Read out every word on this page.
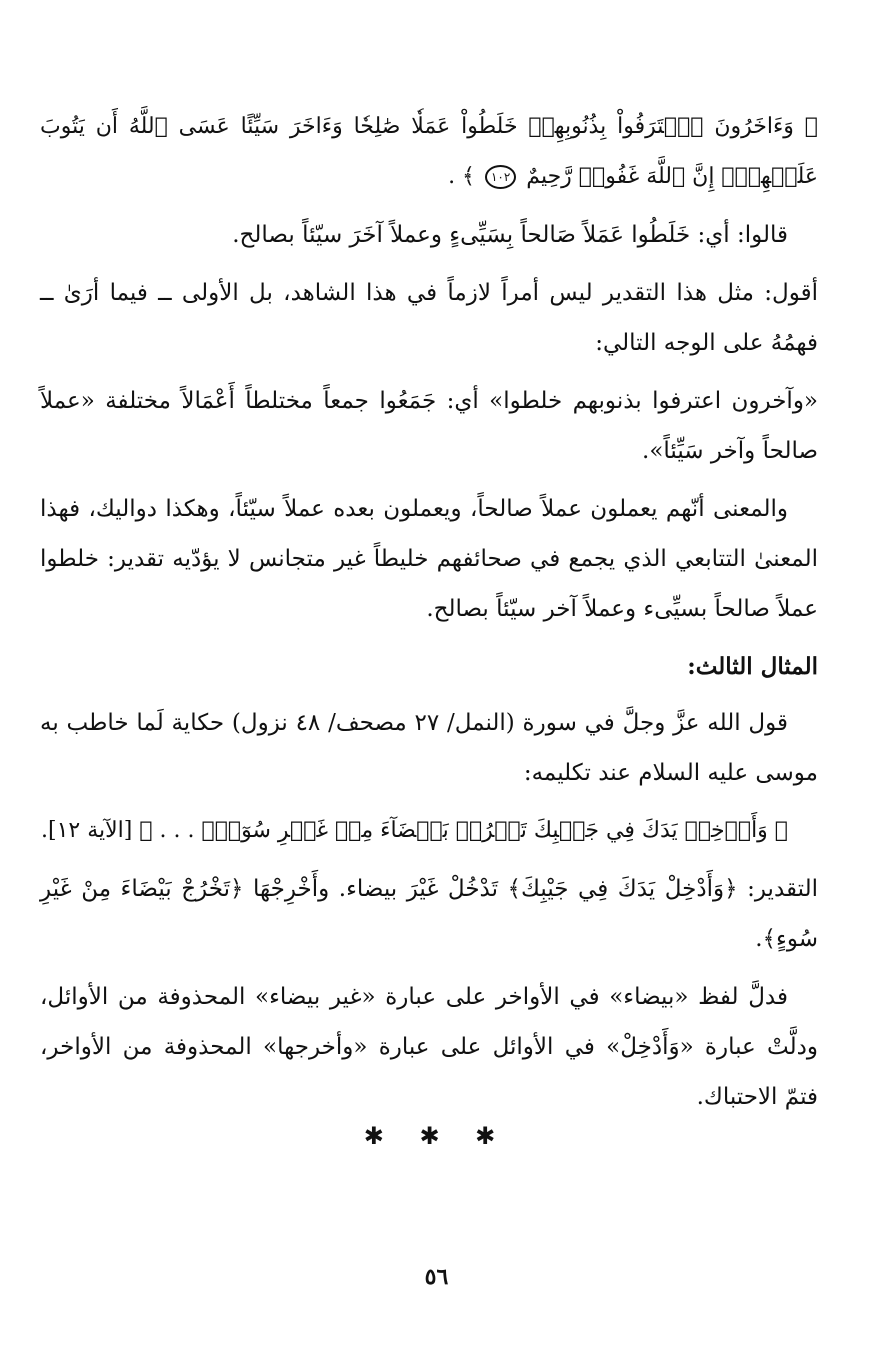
﴿ وَءَاخَرُونَ ٱعۡتَرَفُواْ بِذُنُوبِهِمۡ خَلَطُواْ عَمَلٗا صَٰلِحٗا وَءَاخَرَ سَيِّئًا عَسَى ٱللَّهُ أَن يَتُوبَ عَلَيۡهِمۡۚ إِنَّ ٱللَّهَ غَفُورٞ رَّحِيمٌ ١٠٢ ﴾ .

قالوا: أي: خَلَطُوا عَمَلاً صَالحاً بِسَيِّىءٍ وعملاً آخَرَ سيّئاً بصالح.

أقول: مثل هذا التقدير ليس أمراً لازماً في هذا الشاهد، بل الأولى ــ فيما أرَىٰ ــ فهمُهُ على الوجه التالي:

«وآخرون اعترفوا بذنوبهم خلطوا» أي: جَمَعُوا جمعاً مختلطاً أَعْمَالاً مختلفة «عملاً صالحاً وآخر سَيِّئاً».

والمعنى أنّهم يعملون عملاً صالحاً، ويعملون بعده عملاً سيّئاً، وهكذا دواليك، فهذا المعنىٰ التتابعي الذي يجمع في صحائفهم خليطاً غير متجانس لا يؤدّيه تقدير: خلطوا عملاً صالحاً بسيِّىء وعملاً آخر سيّئاً بصالح.

المثال الثالث:

قول الله عزَّ وجلَّ في سورة (النمل/ ٢٧ مصحف/ ٤٨ نزول) حكاية لَما خاطب به موسى عليه السلام عند تكليمه:

﴿ وَأَدۡخِلۡ يَدَكَ فِي جَيۡبِكَ تَخۡرُجۡ بَيۡضَآءَ مِنۡ غَيۡرِ سُوٓءٖۖ . . . ﴾ [الآية ١٢].

التقدير: ﴿وَأَدْخِلْ يَدَكَ فِي جَيْبِكَ﴾ تَدْخُلْ غَيْرَ بيضاء. وأَخْرِجْهَا ﴿تَخْرُجْ بَيْضَاءَ مِنْ غَيْرِ سُوءٍ﴾.

فدلَّ لفظ «بيضاء» في الأواخر على عبارة «غير بيضاء» المحذوفة من الأوائل، ودلَّتْ عبارة «وَأَدْخِلْ» في الأوائل على عبارة «وأخرجها» المحذوفة من الأواخر، فتمّ الاحتباك.

✱ ✱ ✱
٥٦
